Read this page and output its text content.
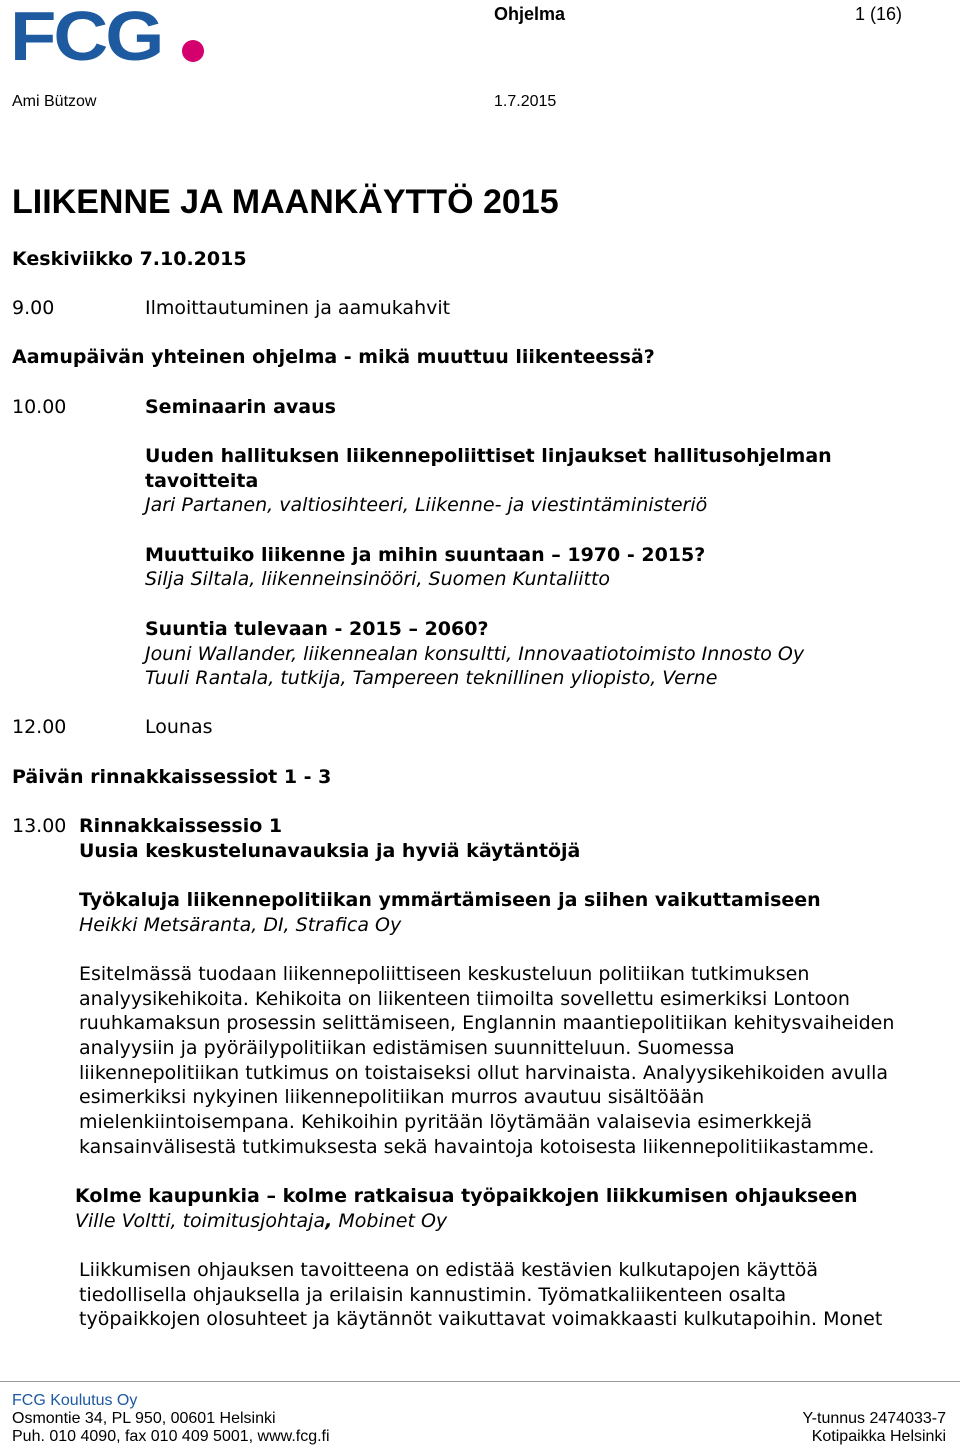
FCG	Ohjelma	1 (16)
Ami Bützow	1.7.2015
LIIKENNE JA MAANKÄYTTÖ 2015
Keskiviikko 7.10.2015
9.00	Ilmoittautuminen ja aamukahvit
Aamupäivän yhteinen ohjelma - mikä muuttuu liikenteessä?
10.00	Seminaarin avaus
Uuden hallituksen liikennepoliittiset linjaukset hallitusohjelman
tavoitteita
Jari Partanen, valtiosihteeri, Liikenne- ja viestintäministeriö
Muuttuiko liikenne ja mihin suuntaan – 1970 - 2015?
Silja Siltala, liikenneinsinööri, Suomen Kuntaliitto
Suuntia tulevaan - 2015 – 2060?
Jouni Wallander, liikennealan konsultti, Innovaatiotoimisto Innosto Oy
Tuuli Rantala, tutkija, Tampereen teknillinen yliopisto, Verne
12.00	Lounas
Päivän rinnakkaissessiot 1 - 3
13.00 Rinnakkaissessio 1
Uusia keskustelunavauksia ja hyviä käytäntöjä
Työkaluja liikennepolitiikan ymmärtämiseen ja siihen vaikuttamiseen
Heikki Metsäranta, DI, Strafica Oy
Esitelmässä tuodaan liikennepoliittiseen keskusteluun politiikan tutkimuksen
analyysikehikoita. Kehikoita on liikenteen tiimoilta sovellettu esimerkiksi Lontoon
ruuhkamaksun prosessin selittämiseen, Englannin maantiepolitiikan kehitysvaiheiden
analyysiin ja pyöräilypolitiikan edistämisen suunnitteluun. Suomessa
liikennepolitiikan tutkimus on toistaiseksi ollut harvinaista. Analyysikehikoiden avulla
esimerkiksi nykyinen liikennepolitiikan murros avautuu sisältöään
mielenkiintoisempana. Kehikoihin pyritään löytämään valaisevia esimerkkejä
kansainvälisestä tutkimuksesta sekä havaintoja kotoisesta liikennepolitiikastamme.
Kolme kaupunkia – kolme ratkaisua työpaikkojen liikkumisen ohjaukseen
Ville Voltti, toimitusjohtaja, Mobinet Oy
Liikkumisen ohjauksen tavoitteena on edistää kestävien kulkutapojen käyttöä
tiedollisella ohjauksella ja erilaisin kannustimin. Työmatkaliikenteen osalta
työpaikkojen olosuhteet ja käytännöt vaikuttavat voimakkaasti kulkutapoihin. Monet
FCG Koulutus Oy
Osmontie 34, PL 950, 00601 Helsinki
Puh. 010 4090, fax 010 409 5001, www.fcg.fi
Y-tunnus 2474033-7
Kotipaikka Helsinki
